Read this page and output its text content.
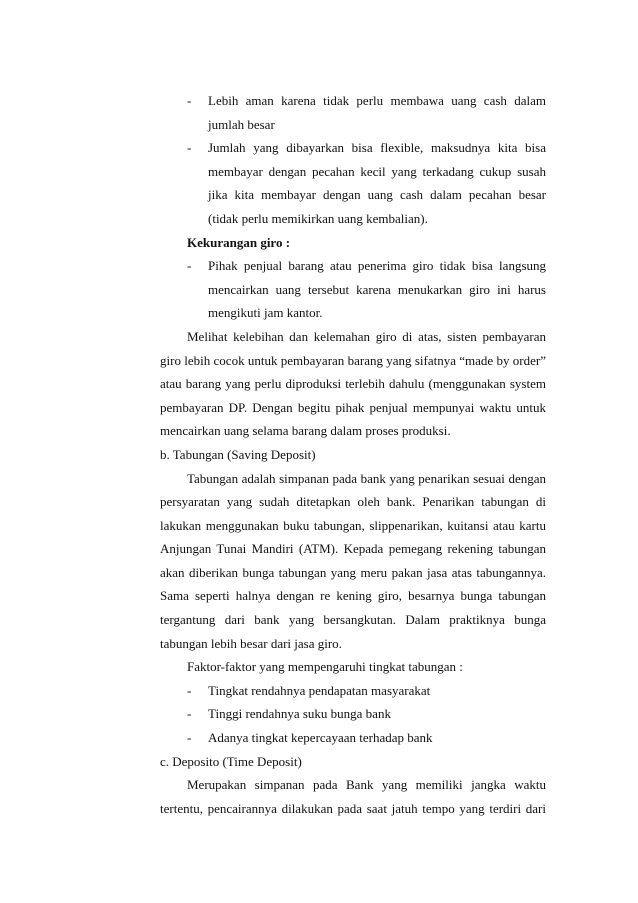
- Lebih aman karena tidak perlu membawa uang cash dalam jumlah besar
- Jumlah yang dibayarkan bisa flexible, maksudnya kita bisa membayar dengan pecahan kecil yang terkadang cukup susah jika kita membayar dengan uang cash dalam pecahan besar (tidak perlu memikirkan uang kembalian).
Kekurangan giro :
- Pihak penjual barang atau penerima giro tidak bisa langsung mencairkan uang tersebut karena menukarkan giro ini harus mengikuti jam kantor.

Melihat kelebihan dan kelemahan giro di atas, sisten pembayaran giro lebih cocok untuk pembayaran barang yang sifatnya “made by order” atau barang yang perlu diproduksi terlebih dahulu (menggunakan system pembayaran DP. Dengan begitu pihak penjual mempunyai waktu untuk mencairkan uang selama barang dalam proses produksi.

b. Tabungan (Saving Deposit)

Tabungan adalah simpanan pada bank yang penarikan sesuai dengan persyaratan yang sudah ditetapkan oleh bank. Penarikan tabungan di lakukan menggunakan buku tabungan, slippenarikan, kuitansi atau kartu Anjungan Tunai Mandiri (ATM). Kepada pemegang rekening tabungan akan diberikan bunga tabungan yang meru pakan jasa atas tabungannya. Sama seperti halnya dengan re kening giro, besarnya bunga tabungan tergantung dari bank yang bersangkutan. Dalam praktiknya bunga tabungan lebih besar dari jasa giro.

Faktor-faktor yang mempengaruhi tingkat tabungan :
- Tingkat rendahnya pendapatan masyarakat
- Tinggi rendahnya suku bunga bank
- Adanya tingkat kepercayaan terhadap bank
c. Deposito (Time Deposit)

Merupakan simpanan pada Bank yang memiliki jangka waktu tertentu, pencairannya dilakukan pada saat jatuh tempo yang terdiri dari
